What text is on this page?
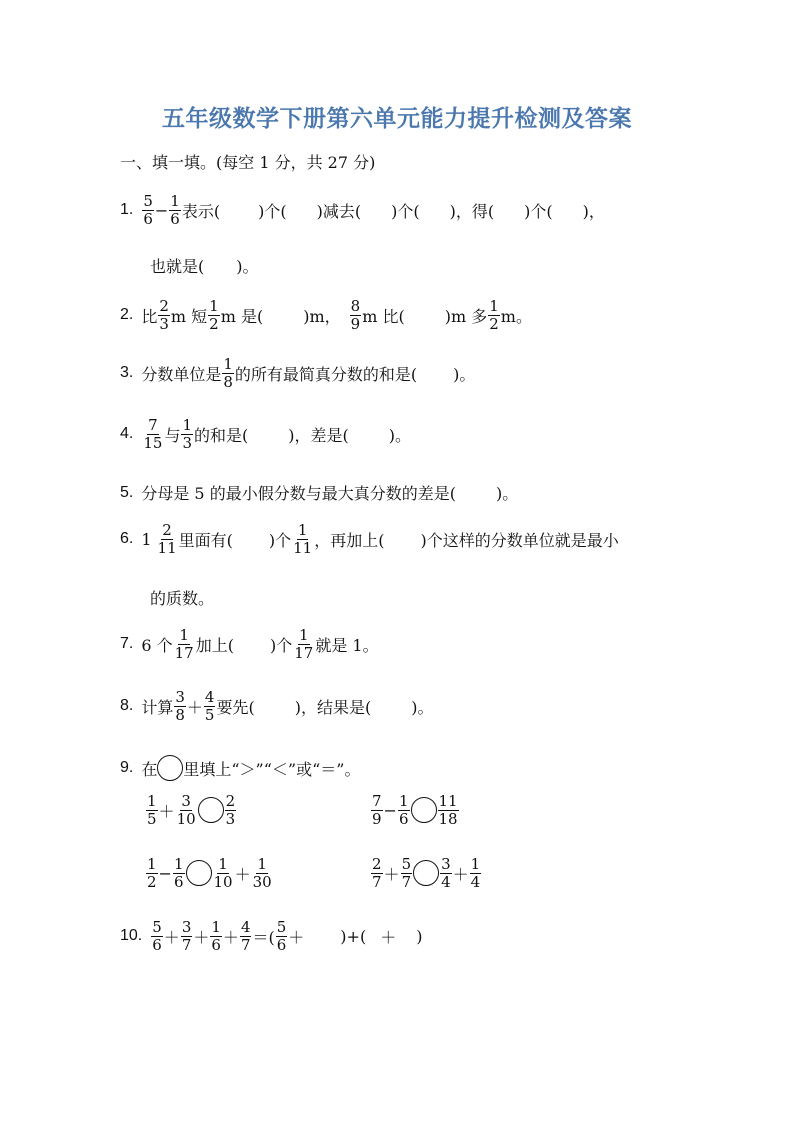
五年级数学下册第六单元能力提升检测及答案
一、填一填。(每空 1 分，共 27 分)
1. $\frac{5}{6} - \frac{1}{6}$ 表示( )个( )减去( )个( )，得( )个( )，
也就是(　　)。
2. 比 $\frac{2}{3}$ m 短 $\frac{1}{2}$ m 是(	)m， $\frac{8}{9}$ m 比(	)m 多 $\frac{1}{2}$ m。
3. 分数单位是 $\frac{1}{8}$ 的所有最简真分数的和是( )。
4. $\frac{7}{15}$ 与 $\frac{1}{3}$ 的和是(	)，差是(	)。
5. 分母是 5 的最小假分数与最大真分数的差是(	)。
6. $1 \frac{2}{11}$ 里面有( )个 $\frac{1}{11}$ ，再加上( )个这样的分数单位就是最小
的质数。
7. 6 个 $\frac{1}{17}$ 加上( )个 $\frac{1}{17}$ 就是 1。
8. 计算 $\frac{3}{8} + \frac{4}{5}$ 要先(	)，结果是(	)。
9. 在 里填上“＞”“＜”或“＝”。
$\frac{1}{5} + \frac{3}{10} \frac{2}{3}$	$\frac{7}{9} - \frac{1}{6} \frac{11}{18}$
$\frac{1}{2} - \frac{1}{6} \frac{1}{10} + \frac{1}{30}$	$\frac{2}{7} + \frac{5}{7} \frac{3}{4} + \frac{1}{4}$
10. $\frac{5}{6} + \frac{3}{7} + \frac{1}{6} + \frac{4}{7}$ ＝( $\frac{5}{6}$ ＋ )+( ＋ )
